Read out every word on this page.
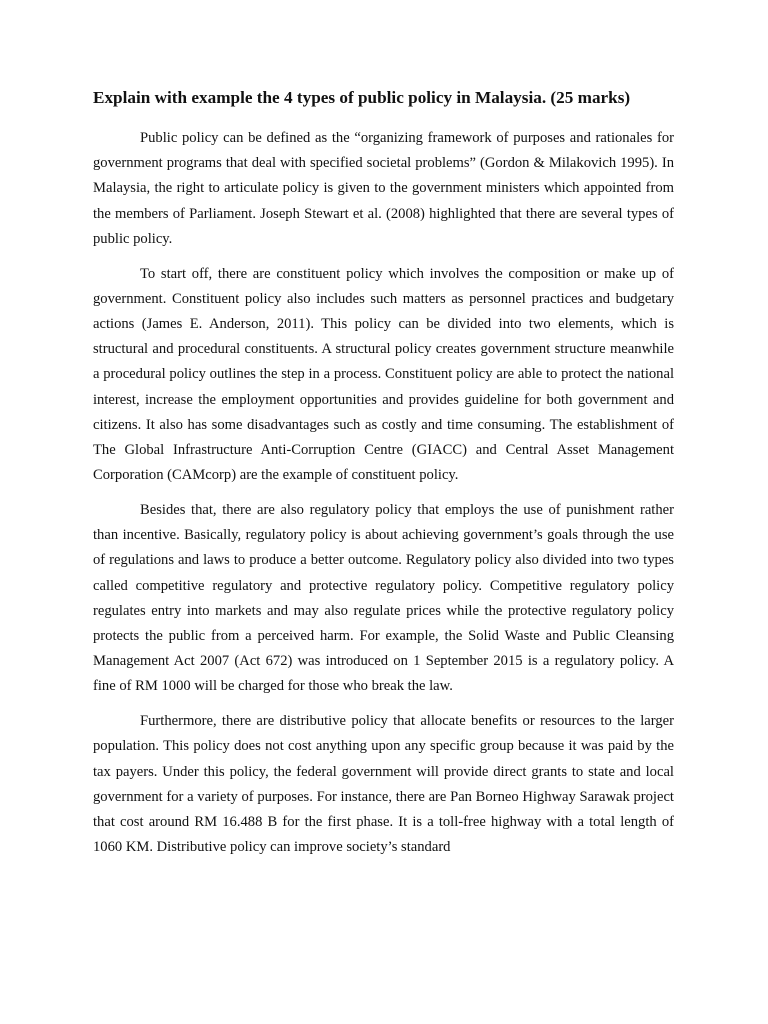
Explain with example the 4 types of public policy in Malaysia. (25 marks)

Public policy can be defined as the “organizing framework of purposes and rationales for government programs that deal with specified societal problems” (Gordon & Milakovich 1995). In Malaysia, the right to articulate policy is given to the government ministers which appointed from the members of Parliament. Joseph Stewart et al. (2008) highlighted that there are several types of public policy.

To start off, there are constituent policy which involves the composition or make up of government. Constituent policy also includes such matters as personnel practices and budgetary actions (James E. Anderson, 2011). This policy can be divided into two elements, which is structural and procedural constituents. A structural policy creates government structure meanwhile a procedural policy outlines the step in a process. Constituent policy are able to protect the national interest, increase the employment opportunities and provides guideline for both government and citizens. It also has some disadvantages such as costly and time consuming. The establishment of The Global Infrastructure Anti-Corruption Centre (GIACC) and Central Asset Management Corporation (CAMcorp) are the example of constituent policy.

Besides that, there are also regulatory policy that employs the use of punishment rather than incentive. Basically, regulatory policy is about achieving government’s goals through the use of regulations and laws to produce a better outcome. Regulatory policy also divided into two types called competitive regulatory and protective regulatory policy. Competitive regulatory policy regulates entry into markets and may also regulate prices while the protective regulatory policy protects the public from a perceived harm. For example, the Solid Waste and Public Cleansing Management Act 2007 (Act 672) was introduced on 1 September 2015 is a regulatory policy. A fine of RM 1000 will be charged for those who break the law.

Furthermore, there are distributive policy that allocate benefits or resources to the larger population. This policy does not cost anything upon any specific group because it was paid by the tax payers. Under this policy, the federal government will provide direct grants to state and local government for a variety of purposes. For instance, there are Pan Borneo Highway Sarawak project that cost around RM 16.488 B for the first phase. It is a toll-free highway with a total length of 1060 KM. Distributive policy can improve society’s standard
